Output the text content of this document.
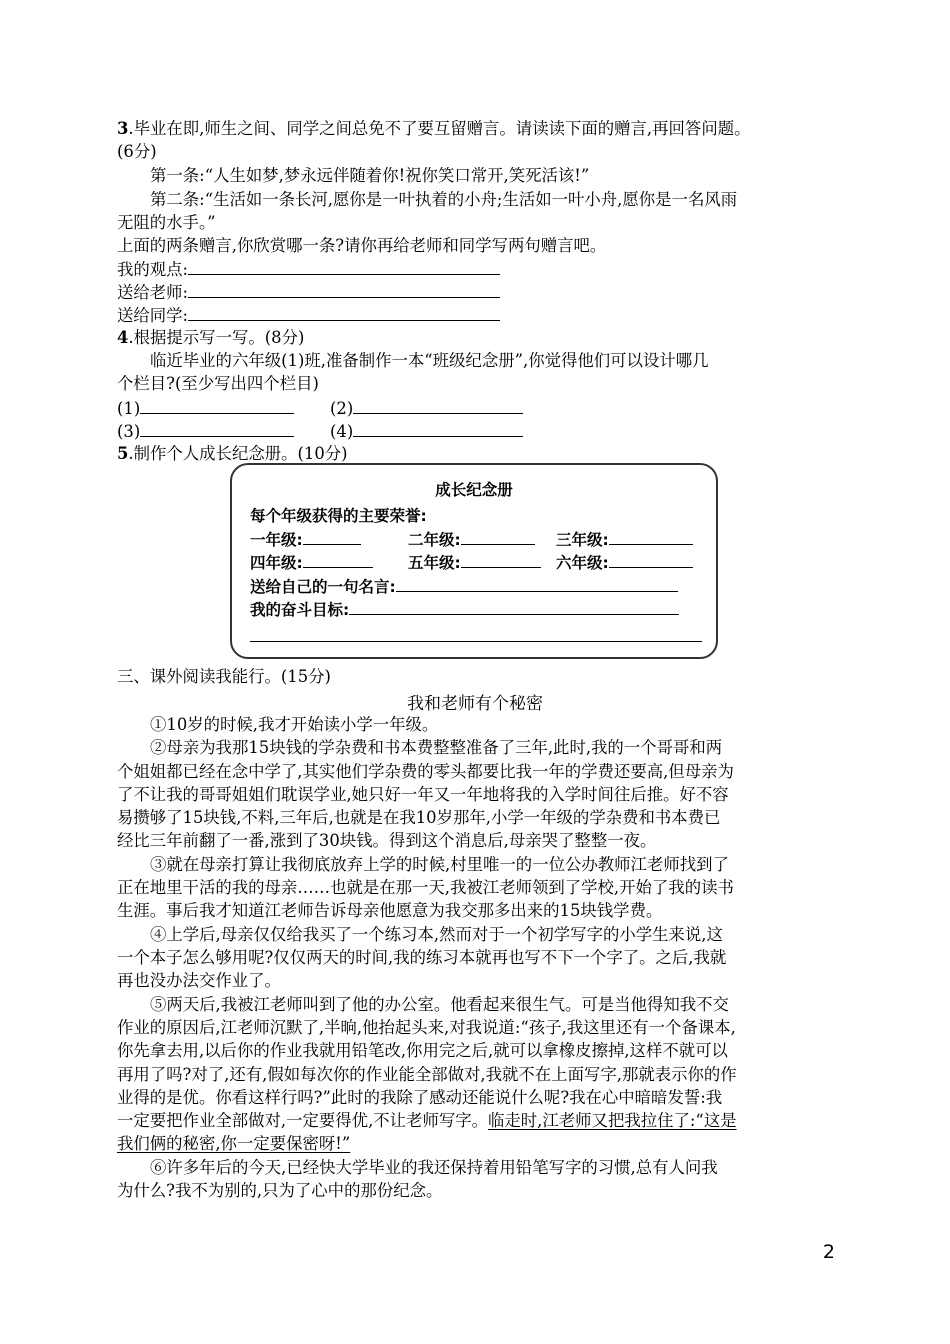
3.毕业在即,师生之间、同学之间总免不了要互留赠言。请读读下面的赠言,再回答问题。
(6分)
第一条:“人生如梦,梦永远伴随着你!祝你笑口常开,笑死活该!”
第二条:“生活如一条长河,愿你是一叶执着的小舟;生活如一叶小舟,愿你是一名风雨
无阻的水手。”
上面的两条赠言,你欣赏哪一条?请你再给老师和同学写两句赠言吧。
我的观点:
送给老师:
送给同学:
4.根据提示写一写。(8分)
临近毕业的六年级(1)班,准备制作一本“班级纪念册”,你觉得他们可以设计哪几
个栏目?(至少写出四个栏目)
(1)	(2)
(3)	(4)
5.制作个人成长纪念册。(10分)
成长纪念册
每个年级获得的主要荣誉:
一年级:	二年级:	三年级:
四年级:	五年级:	六年级:
送给自己的一句名言:
我的奋斗目标:
三、课外阅读我能行。(15分)
我和老师有个秘密
①10岁的时候,我才开始读小学一年级。
②母亲为我那15块钱的学杂费和书本费整整准备了三年,此时,我的一个哥哥和两
个姐姐都已经在念中学了,其实他们学杂费的零头都要比我一年的学费还要高,但母亲为
了不让我的哥哥姐姐们耽误学业,她只好一年又一年地将我的入学时间往后推。好不容
易攒够了15块钱,不料,三年后,也就是在我10岁那年,小学一年级的学杂费和书本费已
经比三年前翻了一番,涨到了30块钱。得到这个消息后,母亲哭了整整一夜。
③就在母亲打算让我彻底放弃上学的时候,村里唯一的一位公办教师江老师找到了
正在地里干活的我的母亲……也就是在那一天,我被江老师领到了学校,开始了我的读书
生涯。事后我才知道江老师告诉母亲他愿意为我交那多出来的15块钱学费。
④上学后,母亲仅仅给我买了一个练习本,然而对于一个初学写字的小学生来说,这
一个本子怎么够用呢?仅仅两天的时间,我的练习本就再也写不下一个字了。之后,我就
再也没办法交作业了。
⑤两天后,我被江老师叫到了他的办公室。他看起来很生气。可是当他得知我不交
作业的原因后,江老师沉默了,半晌,他抬起头来,对我说道:“孩子,我这里还有一个备课本,
你先拿去用,以后你的作业我就用铅笔改,你用完之后,就可以拿橡皮擦掉,这样不就可以
再用了吗?对了,还有,假如每次你的作业能全部做对,我就不在上面写字,那就表示你的作
业得的是优。你看这样行吗?”此时的我除了感动还能说什么呢?我在心中暗暗发誓:我
一定要把作业全部做对,一定要得优,不让老师写字。临走时,江老师又把我拉住了:“这是
我们俩的秘密,你一定要保密呀!”
⑥许多年后的今天,已经快大学毕业的我还保持着用铅笔写字的习惯,总有人问我
为什么?我不为别的,只为了心中的那份纪念。
2
